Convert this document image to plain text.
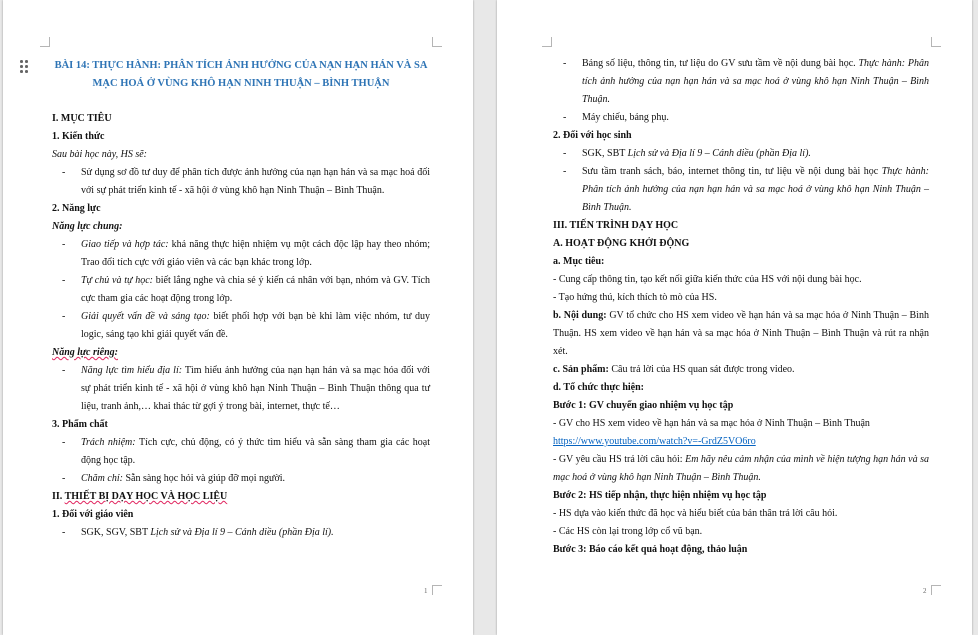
BÀI 14: THỰC HÀNH: PHÂN TÍCH ẢNH HƯỞNG CỦA NẠN HẠN HÁN VÀ SA MẠC HOÁ Ở VÙNG KHÔ HẠN NINH THUẬN – BÌNH THUẬN
I. MỤC TIÊU
1. Kiến thức
Sau bài học này, HS sẽ:
- Sử dụng sơ đồ tư duy để phân tích được ảnh hưởng của nạn hạn hán và sa mạc hoá đối với sự phát triển kinh tế - xã hội ở vùng khô hạn Ninh Thuận – Bình Thuận.
2. Năng lực
Năng lực chung:
- Giao tiếp và hợp tác: khả năng thực hiện nhiệm vụ một cách độc lập hay theo nhóm; Trao đổi tích cực với giáo viên và các bạn khác trong lớp.
- Tự chủ và tự học: biết lắng nghe và chia sẻ ý kiến cá nhân với bạn, nhóm và GV. Tích cực tham gia các hoạt động trong lớp.
- Giải quyết vấn đề và sáng tạo: biết phối hợp với bạn bè khi làm việc nhóm, tư duy logic, sáng tạo khi giải quyết vấn đề.
Năng lực riêng:
- Năng lực tìm hiểu địa lí: Tìm hiểu ảnh hưởng của nạn hạn hán và sa mạc hóa đối với sự phát triển kinh tế - xã hội ở vùng khô hạn Ninh Thuận – Bình Thuận thông qua tư liệu, tranh ảnh,… khai thác từ gợi ý trong bài, internet, thực tế…
3. Phẩm chất
- Trách nhiệm: Tích cực, chủ động, có ý thức tìm hiểu và sẵn sàng tham gia các hoạt động học tập.
- Chăm chỉ: Sẵn sàng học hỏi và giúp đỡ mọi người.
II. THIẾT BỊ DẠY HỌC VÀ HỌC LIỆU
1. Đối với giáo viên
- SGK, SGV, SBT Lịch sử và Địa lí 9 – Cánh diều (phần Địa lí).
1
- Bảng số liệu, thông tin, tư liệu do GV sưu tầm về nội dung bài học. Thực hành: Phân tích ảnh hưởng của nạn hạn hán và sa mạc hoá ở vùng khô hạn Ninh Thuận – Bình Thuận.
- Máy chiếu, bảng phụ.
2. Đối với học sinh
- SGK, SBT Lịch sử và Địa lí 9 – Cánh diều (phần Địa lí).
- Sưu tầm tranh sách, báo, internet thông tin, tư liệu về nội dung bài học Thực hành: Phân tích ảnh hưởng của nạn hạn hán và sa mạc hoá ở vùng khô hạn Ninh Thuận – Bình Thuận.
III. TIẾN TRÌNH DẠY HỌC
A. HOẠT ĐỘNG KHỞI ĐỘNG
a. Mục tiêu:
- Cung cấp thông tin, tạo kết nối giữa kiến thức của HS với nội dung bài học.
- Tạo hứng thú, kích thích tò mò của HS.
b. Nội dung: GV tổ chức cho HS xem video về hạn hán và sa mạc hóa ở Ninh Thuận – Bình Thuận. HS xem video về hạn hán và sa mạc hóa ở Ninh Thuận – Bình Thuận và rút ra nhận xét.
c. Sản phẩm: Câu trả lời của HS quan sát được trong video.
d. Tổ chức thực hiện:
Bước 1: GV chuyển giao nhiệm vụ học tập
- GV cho HS xem video về hạn hán và sa mạc hóa ở Ninh Thuận – Bình Thuận
https://www.youtube.com/watch?v=-GrdZ5VO6ro
- GV yêu cầu HS trả lời câu hỏi: Em hãy nêu cảm nhận của mình về hiện tượng hạn hán và sa mạc hoá ở vùng khô hạn Ninh Thuận – Bình Thuận.
Bước 2: HS tiếp nhận, thực hiện nhiệm vụ học tập
- HS dựa vào kiến thức đã học và hiểu biết của bản thân trả lời câu hỏi.
- Các HS còn lại trong lớp cổ vũ bạn.
Bước 3: Báo cáo kết quả hoạt động, thảo luận
2
